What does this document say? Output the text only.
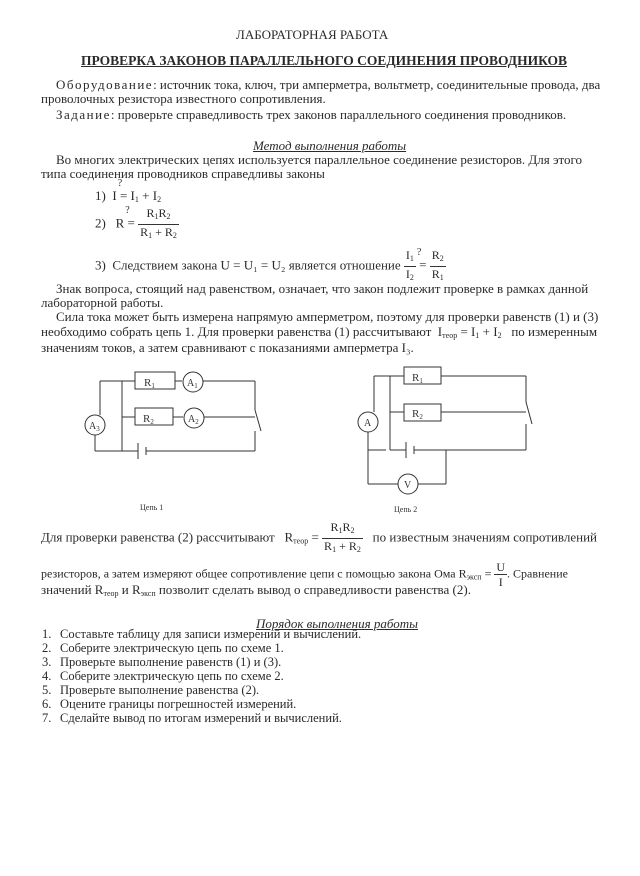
ЛАБОРАТОРНАЯ РАБОТА
ПРОВЕРКА ЗАКОНОВ ПАРАЛЛЕЛЬНОГО СОЕДИНЕНИЯ ПРОВОДНИКОВ
Оборудование: источник тока, ключ, три амперметра, вольтметр, соединительные провода, два
проволочных резистора известного сопротивления.
Задание: проверьте справедливость трех законов параллельного соединения проводников.
Метод выполнения работы
Во многих электрических цепях используется параллельное соединение резисторов. Для этого
типа соединения проводников справедливы законы
1) I
?
= $I_1 + I_2$
2) R
?
= $\frac{R_1R_2}{R_1 + R_2}$
3) Следствием закона U = U₁ = U₂ является отношение $\frac{I_1}{I_2}$
?
= $\frac{R_2}{R_1}$
Знак вопроса, стоящий над равенством, означает, что закон подлежит проверке в рамках данной
лабораторной работы.
Сила тока может быть измерена напрямую амперметром, поэтому для проверки равенств (1) и (3)
необходимо собрать цепь 1. Для проверки равенства (1) рассчитывают $I_{теор} = I_1 + I_2$ по измеренным
значениям токов, а затем сравнивают с показаниями амперметра I₃.
R1
R2
$A_1$
$A_2$
$A_3$
Цепь 1
R1
R2
A
V
Цепь 2
Для проверки равенства (2) рассчитывают $R_{теор} = \frac{R_1R_2}{R_1 + R_2}$ по известным значениям сопротивлений
резисторов, а затем измеряют общее сопротивление цепи с помощью закона Ома $R_{эксп} = \frac{U}{I}$ . Сравнение
значений $R_{теор}$ и $R_{эксп}$ позволит сделать вывод о справедливости равенства (2).
Порядок выполнения работы
1. Составьте таблицу для записи измерений и вычислений.
2. Соберите электрическую цепь по схеме 1.
3. Проверьте выполнение равенств (1) и (3).
4. Соберите электрическую цепь по схеме 2.
5. Проверьте выполнение равенства (2).
6. Оцените границы погрешностей измерений.
7. Сделайте вывод по итогам измерений и вычислений.
